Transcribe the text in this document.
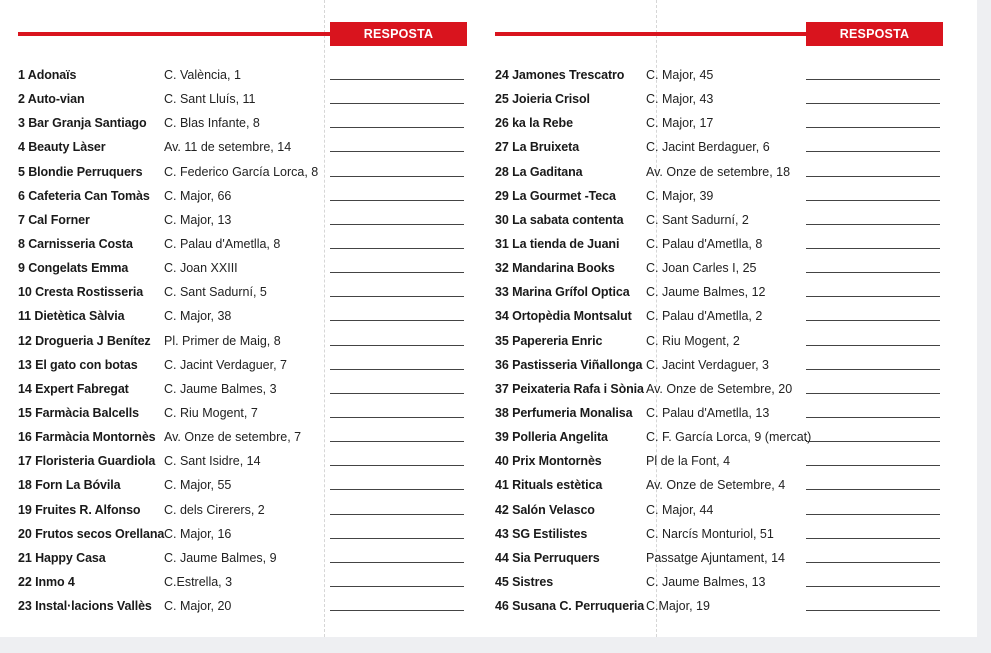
RESPOSTA
1 Adonaïs	C. València, 1
2 Auto-vian	C. Sant Lluís, 11
3 Bar Granja Santiago C. Blas Infante, 8
4 Beauty Làser	Av. 11 de setembre, 14
5 Blondie Perruquers C. Federico García Lorca, 8
6 Cafeteria Can Tomàs C. Major, 66
7 Cal Forner	C. Major, 13
8 Carnisseria Costa C. Palau d'Ametlla, 8
9 Congelats Emma	C. Joan XXIII
10 Cresta Rostisseria C. Sant Sadurní, 5
11 Dietètica Sàlvia	C. Major, 38
12 Drogueria J Benítez Pl. Primer de Maig, 8
13 El gato con botas C. Jacint Verdaguer, 7
14 Expert Fabregat	C. Jaume Balmes, 3
15 Farmàcia Balcells C. Riu Mogent, 7
16 Farmàcia Montornès Av. Onze de setembre, 7
17 Floristeria Guardiola C. Sant Isidre, 14
18 Forn La Bóvila	C. Major, 55
19 Fruites R. Alfonso C. dels Cirerers, 2
20 Frutos secos Orellana C. Major, 16
21 Happy Casa	C. Jaume Balmes, 9
22 Inmo 4	C.Estrella, 3
23 Instal·lacions Vallès C. Major, 20
RESPOSTA
24 Jamones Trescatro C. Major, 45
25 Joieria Crisol	C. Major, 43
26 ka la Rebe	C. Major, 17
27 La Bruixeta	C. Jacint Berdaguer, 6
28 La Gaditana	Av. Onze de setembre, 18
29 La Gourmet -Teca C. Major, 39
30 La sabata contenta C. Sant Sadurní, 2
31 La tienda de Juani C. Palau d'Ametlla, 8
32 Mandarina Books C. Joan Carles I, 25
33 Marina Grífol Optica C. Jaume Balmes, 12
34 Ortopèdia Montsalut C. Palau d'Ametlla, 2
35 Papereria Enric	C. Riu Mogent, 2
36 Pastisseria Viñallonga C. Jacint Verdaguer, 3
37 Peixateria Rafa i Sònia Av. Onze de Setembre, 20
38 Perfumeria Monalisa C. Palau d'Ametlla, 13
39 Polleria Angelita	C. F. García Lorca, 9 (mercat)
40 Prix Montornès	Pl de la Font, 4
41 Rituals estètica	Av. Onze de Setembre, 4
42 Salón Velasco	C. Major, 44
43 SG Estilistes	C. Narcís Monturiol, 51
44 Sia Perruquers	Passatge Ajuntament, 14
45 Sistres	C. Jaume Balmes, 13
46 Susana C. Perruqueria C.Major, 19
